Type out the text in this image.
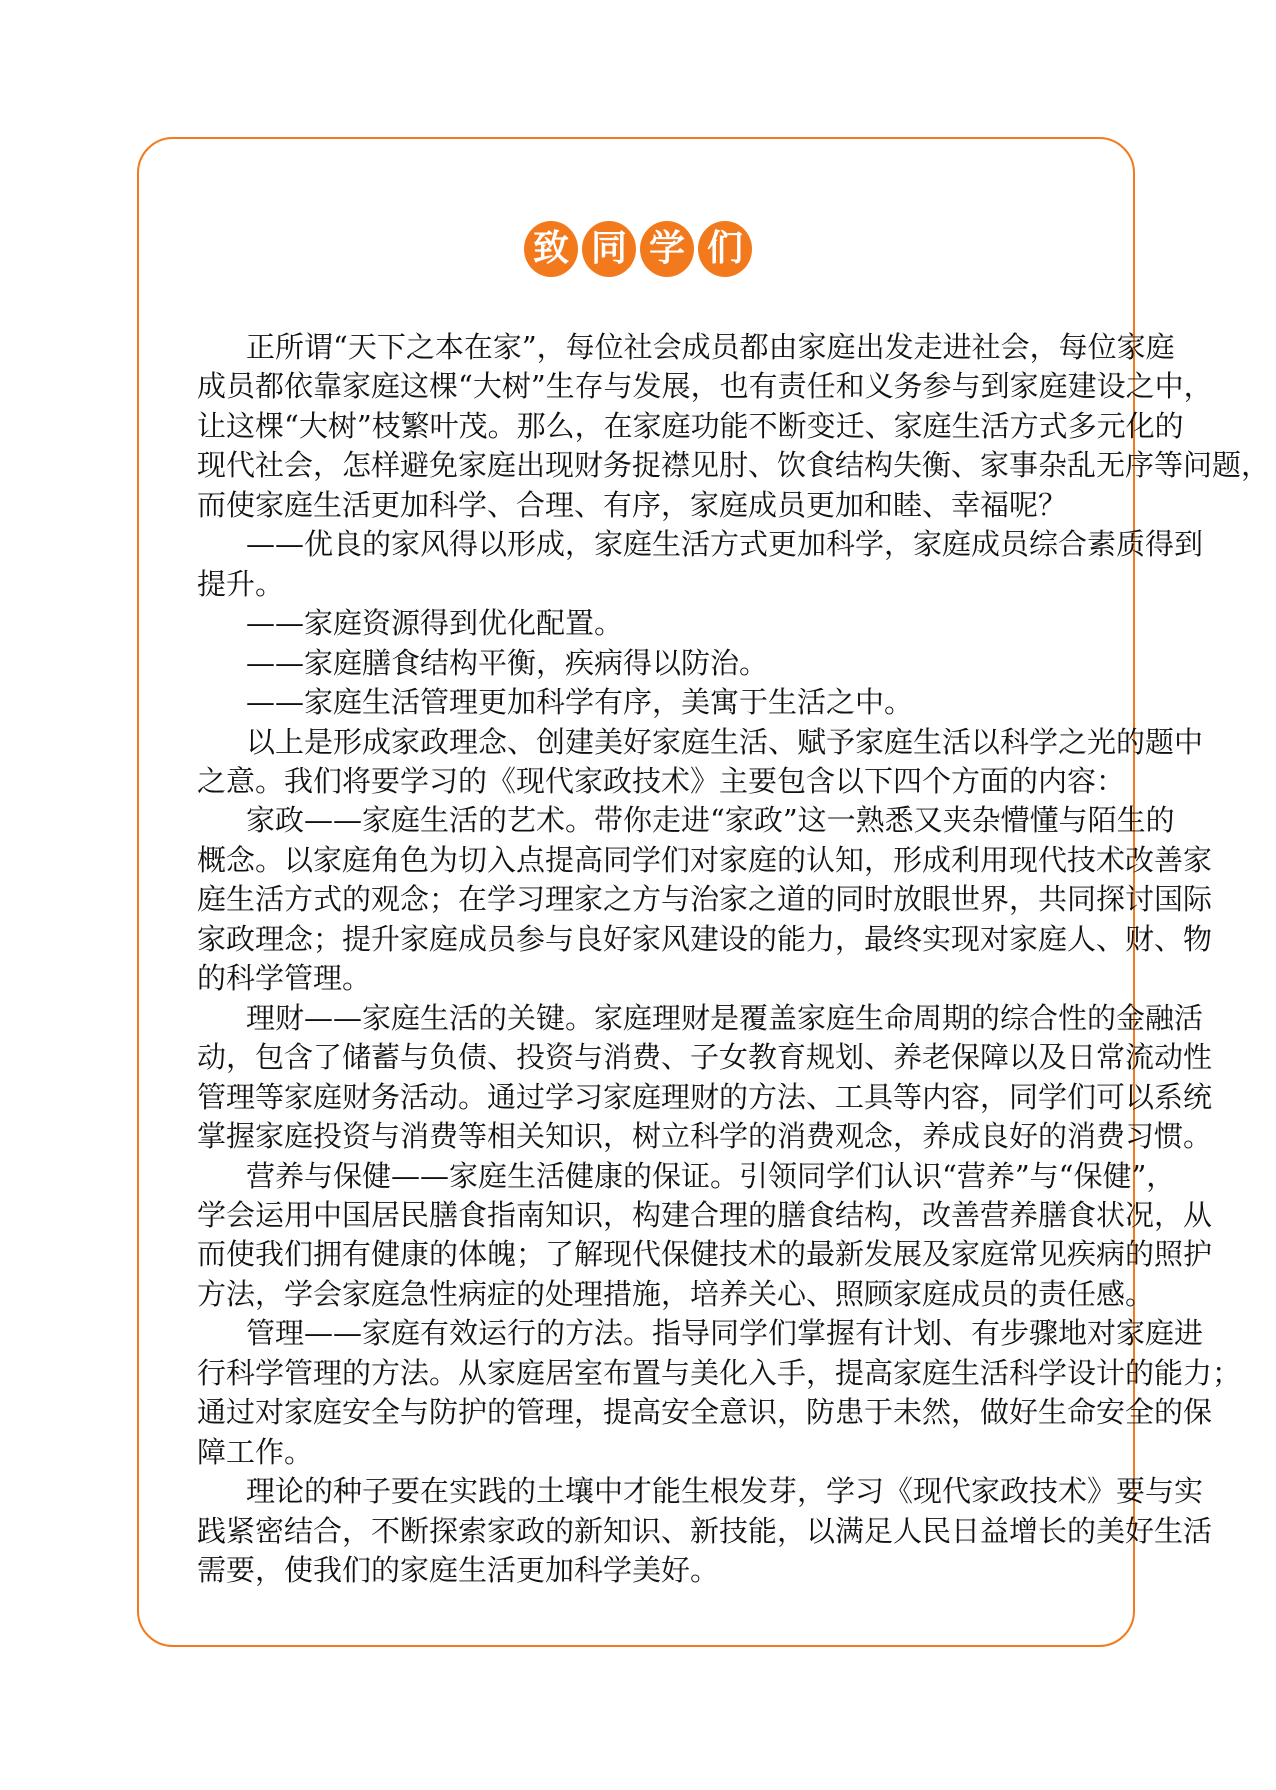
致 同 学 们
正所谓“天下之本在家”，每位社会成员都由家庭出发走进社会，每位家庭
成员都依靠家庭这棵“大树”生存与发展，也有责任和义务参与到家庭建设之中，
让这棵“大树”枝繁叶茂。那么，在家庭功能不断变迁、家庭生活方式多元化的
现代社会，怎样避免家庭出现财务捉襟见肘、饮食结构失衡、家事杂乱无序等问题，
而使家庭生活更加科学、合理、有序，家庭成员更加和睦、幸福呢？
——优良的家风得以形成，家庭生活方式更加科学，家庭成员综合素质得到
提升。
——家庭资源得到优化配置。
——家庭膳食结构平衡，疾病得以防治。
——家庭生活管理更加科学有序，美寓于生活之中。
以上是形成家政理念、创建美好家庭生活、赋予家庭生活以科学之光的题中
之意。我们将要学习的《现代家政技术》主要包含以下四个方面的内容：
家政——家庭生活的艺术。带你走进“家政”这一熟悉又夹杂懵懂与陌生的
概念。以家庭角色为切入点提高同学们对家庭的认知，形成利用现代技术改善家
庭生活方式的观念；在学习理家之方与治家之道的同时放眼世界，共同探讨国际
家政理念；提升家庭成员参与良好家风建设的能力，最终实现对家庭人、财、物
的科学管理。
理财——家庭生活的关键。家庭理财是覆盖家庭生命周期的综合性的金融活
动，包含了储蓄与负债、投资与消费、子女教育规划、养老保障以及日常流动性
管理等家庭财务活动。通过学习家庭理财的方法、工具等内容，同学们可以系统
掌握家庭投资与消费等相关知识，树立科学的消费观念，养成良好的消费习惯。
营养与保健——家庭生活健康的保证。引领同学们认识“营养”与“保健”，
学会运用中国居民膳食指南知识，构建合理的膳食结构，改善营养膳食状况，从
而使我们拥有健康的体魄；了解现代保健技术的最新发展及家庭常见疾病的照护
方法，学会家庭急性病症的处理措施，培养关心、照顾家庭成员的责任感。
管理——家庭有效运行的方法。指导同学们掌握有计划、有步骤地对家庭进
行科学管理的方法。从家庭居室布置与美化入手，提高家庭生活科学设计的能力；
通过对家庭安全与防护的管理，提高安全意识，防患于未然，做好生命安全的保
障工作。
理论的种子要在实践的土壤中才能生根发芽，学习《现代家政技术》要与实
践紧密结合，不断探索家政的新知识、新技能，以满足人民日益增长的美好生活
需要，使我们的家庭生活更加科学美好。
